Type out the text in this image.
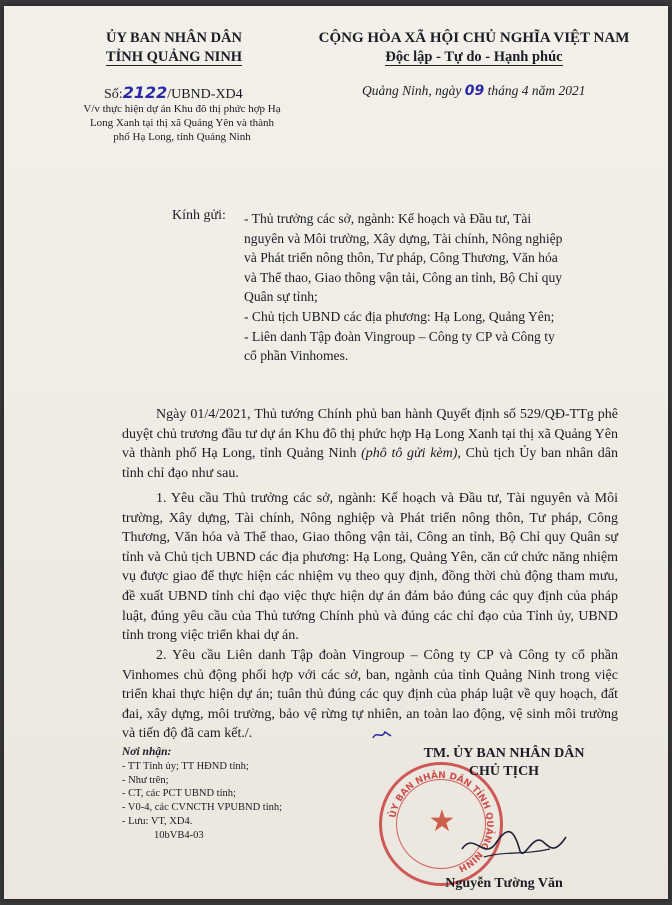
ỦY BAN NHÂN DÂN
TỈNH QUẢNG NINH
Số:2122/UBND-XD4
V/v thực hiện dự án Khu đô thị phức hợp Hạ Long Xanh tại thị xã Quảng Yên và thành phố Hạ Long, tỉnh Quảng Ninh
CỘNG HÒA XÃ HỘI CHỦ NGHĨA VIỆT NAM
Độc lập - Tự do - Hạnh phúc
Quảng Ninh, ngày 09 tháng 4 năm 2021
Kính gửi: - Thủ trưởng các sở, ngành: Kế hoạch và Đầu tư, Tài nguyên và Môi trường, Xây dựng, Tài chính, Nông nghiệp và Phát triển nông thôn, Tư pháp, Công Thương, Văn hóa và Thể thao, Giao thông vận tải, Công an tỉnh, Bộ Chỉ quy Quân sự tỉnh;
- Chủ tịch UBND các địa phương: Hạ Long, Quảng Yên;
- Liên danh Tập đoàn Vingroup – Công ty CP và Công ty cổ phần Vinhomes.
Ngày 01/4/2021, Thủ tướng Chính phủ ban hành Quyết định số 529/QĐ-TTg phê duyệt chủ trương đầu tư dự án Khu đô thị phức hợp Hạ Long Xanh tại thị xã Quảng Yên và thành phố Hạ Long, tỉnh Quảng Ninh (phô tô gửi kèm), Chủ tịch Ủy ban nhân dân tỉnh chỉ đạo như sau.
1. Yêu cầu Thủ trưởng các sở, ngành: Kế hoạch và Đầu tư, Tài nguyên và Môi trường, Xây dựng, Tài chính, Nông nghiệp và Phát triển nông thôn, Tư pháp, Công Thương, Văn hóa và Thể thao, Giao thông vận tải, Công an tỉnh, Bộ Chỉ quy Quân sự tỉnh và Chủ tịch UBND các địa phương: Hạ Long, Quảng Yên, căn cứ chức năng nhiệm vụ được giao để thực hiện các nhiệm vụ theo quy định, đồng thời chủ động tham mưu, đề xuất UBND tỉnh chỉ đạo việc thực hiện dự án đảm bảo đúng các quy định của pháp luật, đúng yêu cầu của Thủ tướng Chính phủ và đúng các chỉ đạo của Tỉnh ủy, UBND tỉnh trong việc triển khai dự án.
2. Yêu cầu Liên danh Tập đoàn Vingroup – Công ty CP và Công ty cổ phần Vinhomes chủ động phối hợp với các sở, ban, ngành của tỉnh Quảng Ninh trong việc triển khai thực hiện dự án; tuân thủ đúng các quy định của pháp luật về quy hoạch, đất đai, xây dựng, môi trường, bảo vệ rừng tự nhiên, an toàn lao động, vệ sinh môi trường và tiến độ đã cam kết./.
Nơi nhận:
- TT Tỉnh ủy; TT HĐND tỉnh;
- Như trên;
- CT, các PCT UBND tỉnh;
- V0-4, các CVNCTH VPUBND tỉnh;
- Lưu: VT, XD4.
10bVB4-03
ỦY BAN NHÂN DÂN TỈNH QUẢNG NINH
★
TM. ỦY BAN NHÂN DÂN
CHỦ TỊCH
Nguyễn Tường Văn
